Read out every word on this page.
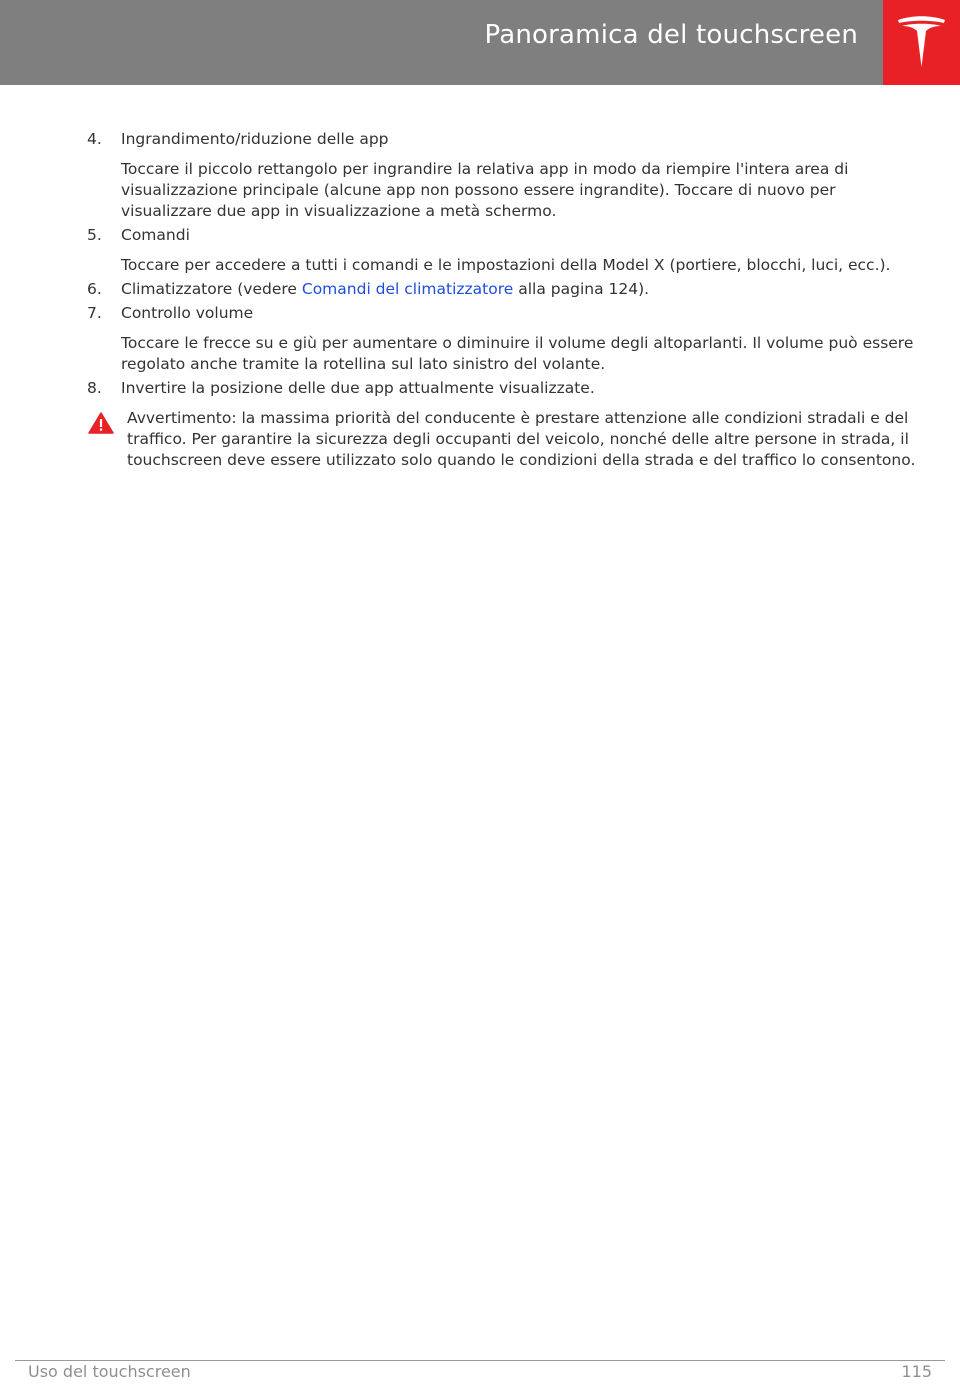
Panoramica del touchscreen
4. Ingrandimento/riduzione delle app
Toccare il piccolo rettangolo per ingrandire la relativa app in modo da riempire l'intera area di visualizzazione principale (alcune app non possono essere ingrandite). Toccare di nuovo per visualizzare due app in visualizzazione a metà schermo.
5. Comandi
Toccare per accedere a tutti i comandi e le impostazioni della Model X (portiere, blocchi, luci, ecc.).
6. Climatizzatore (vedere Comandi del climatizzatore alla pagina 124).
7. Controllo volume
Toccare le frecce su e giù per aumentare o diminuire il volume degli altoparlanti. Il volume può essere regolato anche tramite la rotellina sul lato sinistro del volante.
8. Invertire la posizione delle due app attualmente visualizzate.
Avvertimento: la massima priorità del conducente è prestare attenzione alle condizioni stradali e del traffico. Per garantire la sicurezza degli occupanti del veicolo, nonché delle altre persone in strada, il touchscreen deve essere utilizzato solo quando le condizioni della strada e del traffico lo consentono.
Uso del touchscreen	115
